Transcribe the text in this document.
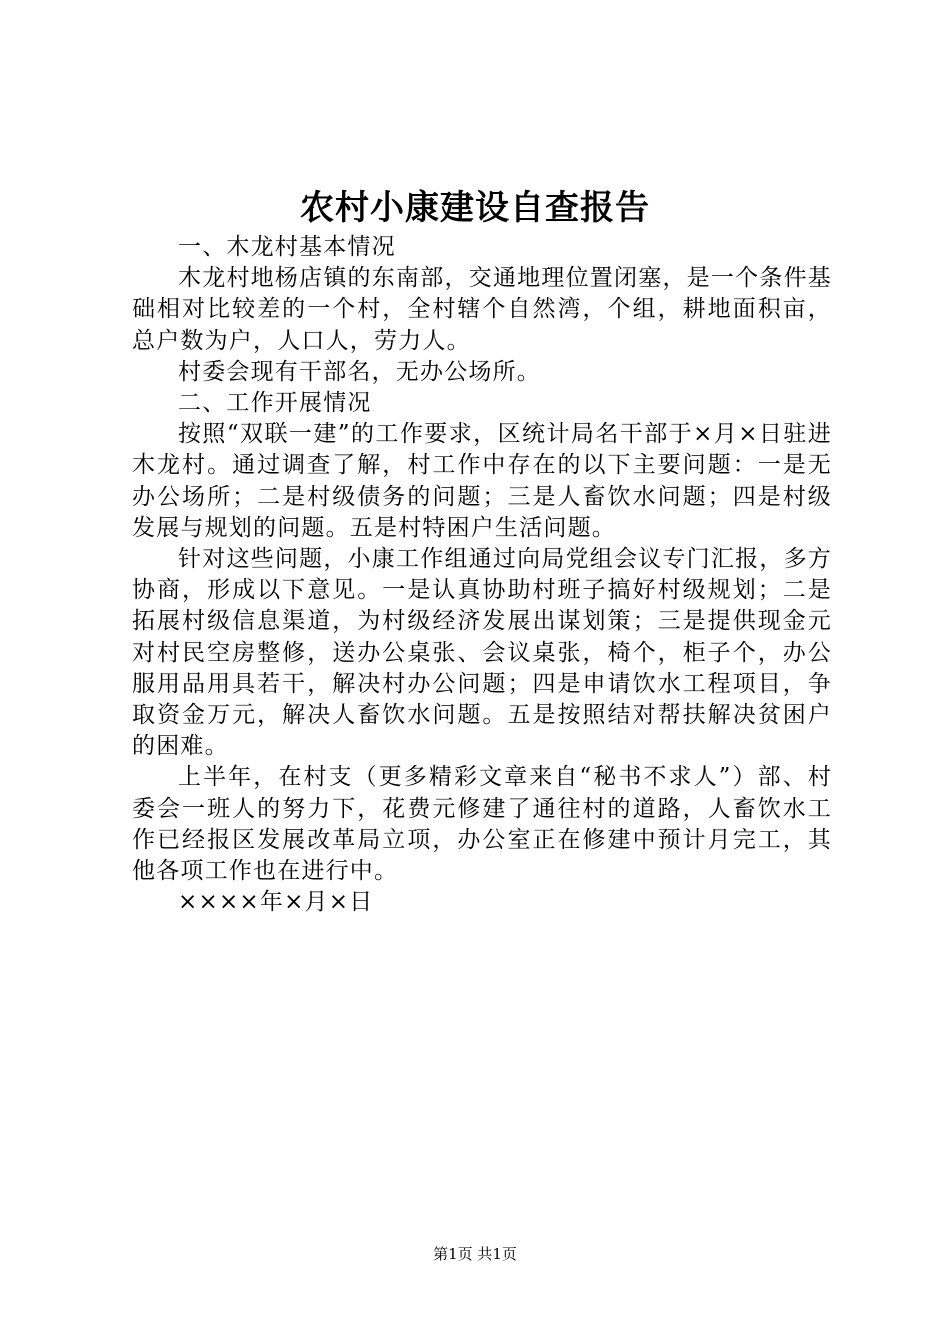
农村小康建设自查报告

一、木龙村基本情况

木龙村地杨店镇的东南部，交通地理位置闭塞，是一个条件基础相对比较差的一个村，全村辖个自然湾，个组，耕地面积亩，总户数为户，人口人，劳力人。

村委会现有干部名，无办公场所。

二、工作开展情况

按照“双联一建”的工作要求，区统计局名干部于×月×日驻进木龙村。通过调查了解，村工作中存在的以下主要问题：一是无办公场所；二是村级债务的问题；三是人畜饮水问题；四是村级发展与规划的问题。五是村特困户生活问题。

针对这些问题，小康工作组通过向局党组会议专门汇报，多方协商，形成以下意见。一是认真协助村班子搞好村级规划；二是拓展村级信息渠道，为村级经济发展出谋划策；三是提供现金元对村民空房整修，送办公桌张、会议桌张，椅个，柜子个，办公服用品用具若干，解决村办公问题；四是申请饮水工程项目，争取资金万元，解决人畜饮水问题。五是按照结对帮扶解决贫困户的困难。

上半年，在村支（更多精彩文章来自“秘书不求人”）部、村委会一班人的努力下，花费元修建了通往村的道路，人畜饮水工作已经报区发展改革局立项，办公室正在修建中预计月完工，其他各项工作也在进行中。

××××年×月×日

第1页 共1页
